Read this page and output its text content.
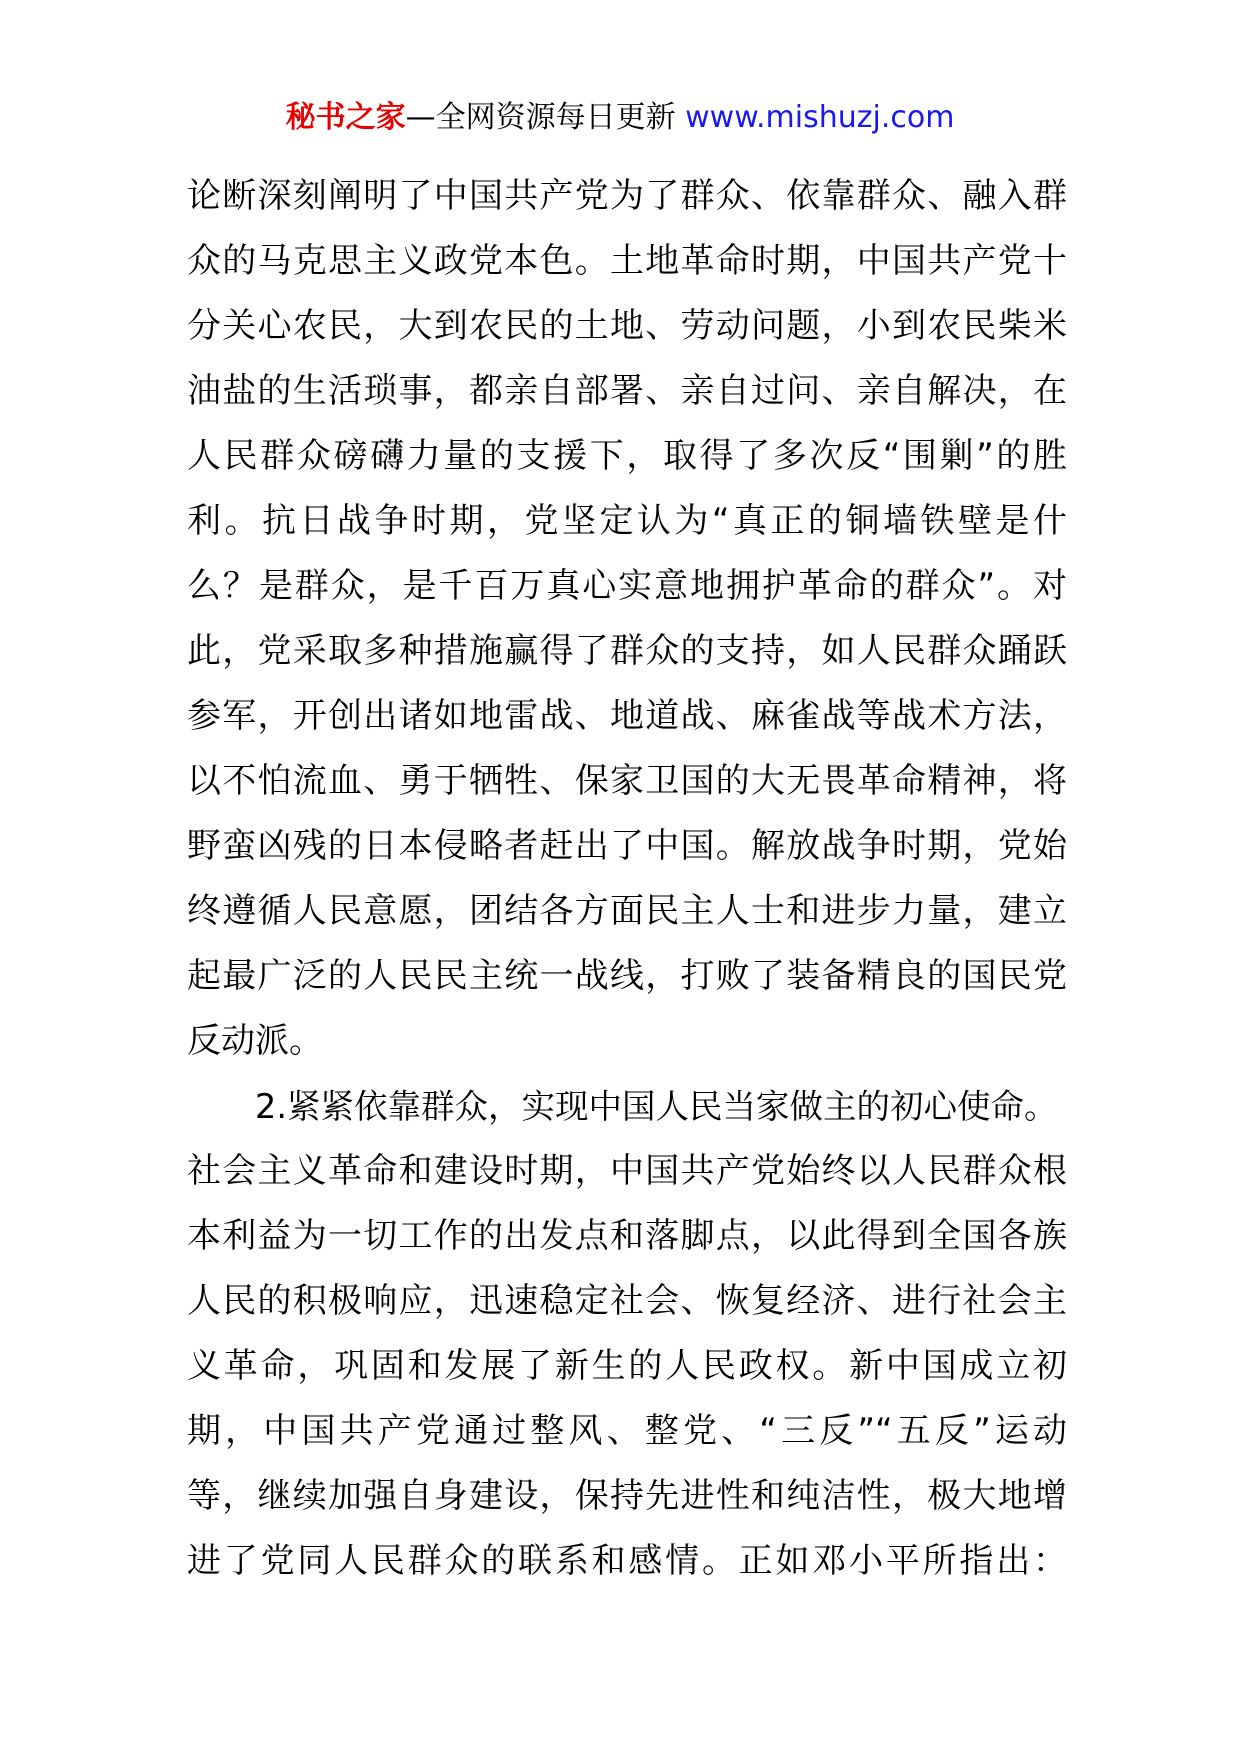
秘书之家—全网资源每日更新 www.mishuzj.com
论断深刻阐明了中国共产党为了群众、依靠群众、融入群
众的马克思主义政党本色。土地革命时期，中国共产党十
分关心农民，大到农民的土地、劳动问题，小到农民柴米
油盐的生活琐事，都亲自部署、亲自过问、亲自解决，在
人民群众磅礴力量的支援下，取得了多次反“围剿”的胜
利。抗日战争时期，党坚定认为“真正的铜墙铁壁是什
么？是群众，是千百万真心实意地拥护革命的群众”。对
此，党采取多种措施赢得了群众的支持，如人民群众踊跃
参军，开创出诸如地雷战、地道战、麻雀战等战术方法，
以不怕流血、勇于牺牲、保家卫国的大无畏革命精神，将
野蛮凶残的日本侵略者赶出了中国。解放战争时期，党始
终遵循人民意愿，团结各方面民主人士和进步力量，建立
起最广泛的人民民主统一战线，打败了装备精良的国民党
反动派。
2.紧紧依靠群众，实现中国人民当家做主的初心使命。
社会主义革命和建设时期，中国共产党始终以人民群众根
本利益为一切工作的出发点和落脚点，以此得到全国各族
人民的积极响应，迅速稳定社会、恢复经济、进行社会主
义革命，巩固和发展了新生的人民政权。新中国成立初
期，中国共产党通过整风、整党、“三反”“五反”运动
等，继续加强自身建设，保持先进性和纯洁性，极大地增
进了党同人民群众的联系和感情。正如邓小平所指出：
